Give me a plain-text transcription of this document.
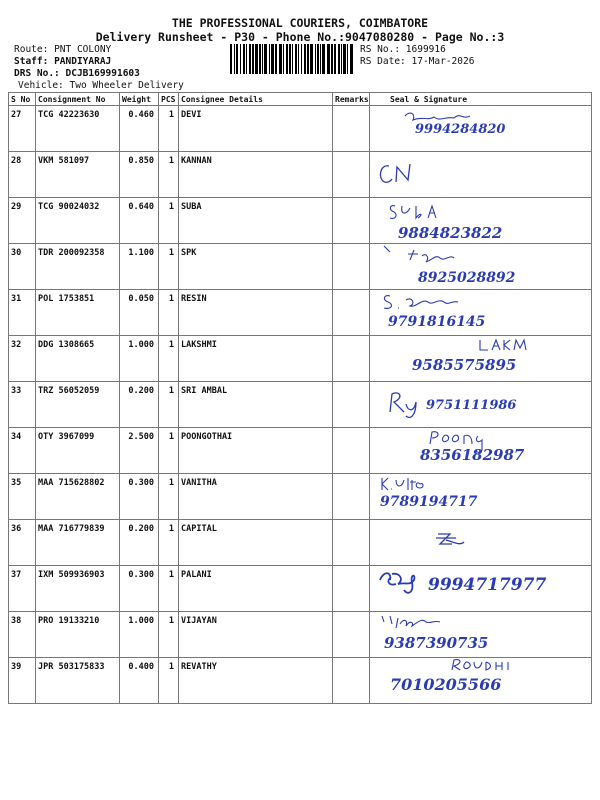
THE PROFESSIONAL COURIERS, COIMBATORE
Delivery Runsheet - P30 - Phone No.:9047080280 - Page No.:3
Route: PNT COLONY
Staff: PANDIYARAJ
DRS No.: DCJB169991603
Vehicle: Two Wheeler Delivery
RS No.: 1699916
RS Date: 17-Mar-2026
S No	Consignment No	Weight	PCS	Consignee Details	Remarks	Seal & Signature
27	TCG 42223630	0.460	1	DEVI		9994284820

28	VKM 581097	0.850	1	KANNAN		

29	TCG 90024032	0.640	1	SUBA		9884823822

30	TDR 200092358	1.100	1	SPK		8925028892

31	POL 1753851	0.050	1	RESIN		9791816145

32	DDG 1308665	1.000	1	LAKSHMI		9585575895

33	TRZ 56052059	0.200	1	SRI AMBAL		9751111986

34	OTY 3967099	2.500	1	POONGOTHAI		8356182987

35	MAA 715628802	0.300	1	VANITHA		9789194717

36	MAA 716779839	0.200	1	CAPITAL		

37	IXM 509936903	0.300	1	PALANI		9994717977

38	PRO 19133210	1.000	1	VIJAYAN		9387390735

39	JPR 503175833	0.400	1	REVATHY		7010205566
